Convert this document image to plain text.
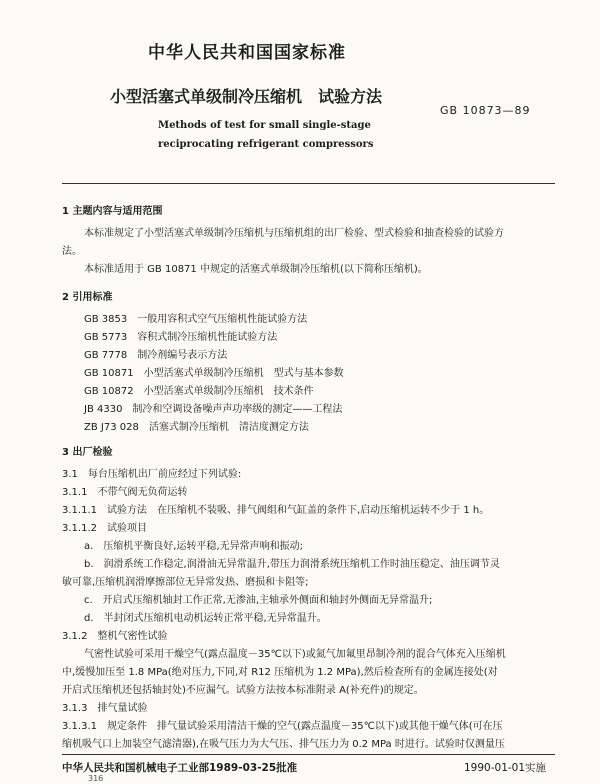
中华人民共和国国家标准
小型活塞式单级制冷压缩机　试验方法
GB 10873—89
Methods of test for small single-stage
reciprocating refrigerant compressors
1 主题内容与适用范围
本标准规定了小型活塞式单级制冷压缩机与压缩机组的出厂检验、型式检验和抽查检验的试验方
法。
本标准适用于 GB 10871 中规定的活塞式单级制冷压缩机(以下简称压缩机)。
2 引用标准
GB 3853　一般用容积式空气压缩机性能试验方法
GB 5773　容积式制冷压缩机性能试验方法
GB 7778　制冷剂编号表示方法
GB 10871　小型活塞式单级制冷压缩机　型式与基本参数
GB 10872　小型活塞式单级制冷压缩机　技术条件
JB 4330　制冷和空调设备噪声声功率级的测定——工程法
ZB J73 028　活塞式制冷压缩机　清洁度测定方法
3 出厂检验
3.1　每台压缩机出厂前应经过下列试验:
3.1.1　不带气阀无负荷运转
3.1.1.1　试验方法　在压缩机不装吸、排气阀组和气缸盖的条件下,启动压缩机运转不少于 1 h。
3.1.1.2　试验项目
a.　压缩机平衡良好,运转平稳,无异常声响和振动;
b.　润滑系统工作稳定,润滑油无异常温升,带压力润滑系统压缩机工作时油压稳定、油压调节灵
敏可靠,压缩机润滑摩擦部位无异常发热、磨损和卡阻等;
c.　开启式压缩机轴封工作正常,无渗油,主轴承外侧面和轴封外侧面无异常温升;
d.　半封闭式压缩机电动机运转正常平稳,无异常温升。
3.1.2　整机气密性试验
气密性试验可采用干燥空气(露点温度－35℃以下)或氮气加氟里昂制冷剂的混合气体充入压缩机
中,缓慢加压至 1.8 MPa(绝对压力,下同,对 R12 压缩机为 1.2 MPa),然后检查所有的金属连接处(对
开启式压缩机还包括轴封处)不应漏气。试验方法按本标准附录 A(补充件)的规定。
3.1.3　排气量试验
3.1.3.1　规定条件　排气量试验采用清洁干燥的空气(露点温度－35℃以下)或其他干燥气体(可在压
缩机吸气口上加装空气滤清器),在吸气压力为大气压、排气压力为 0.2 MPa 时进行。试验时仅测量压
中华人民共和国机械电子工业部1989-03-25批准	1990-01-01实施
316
